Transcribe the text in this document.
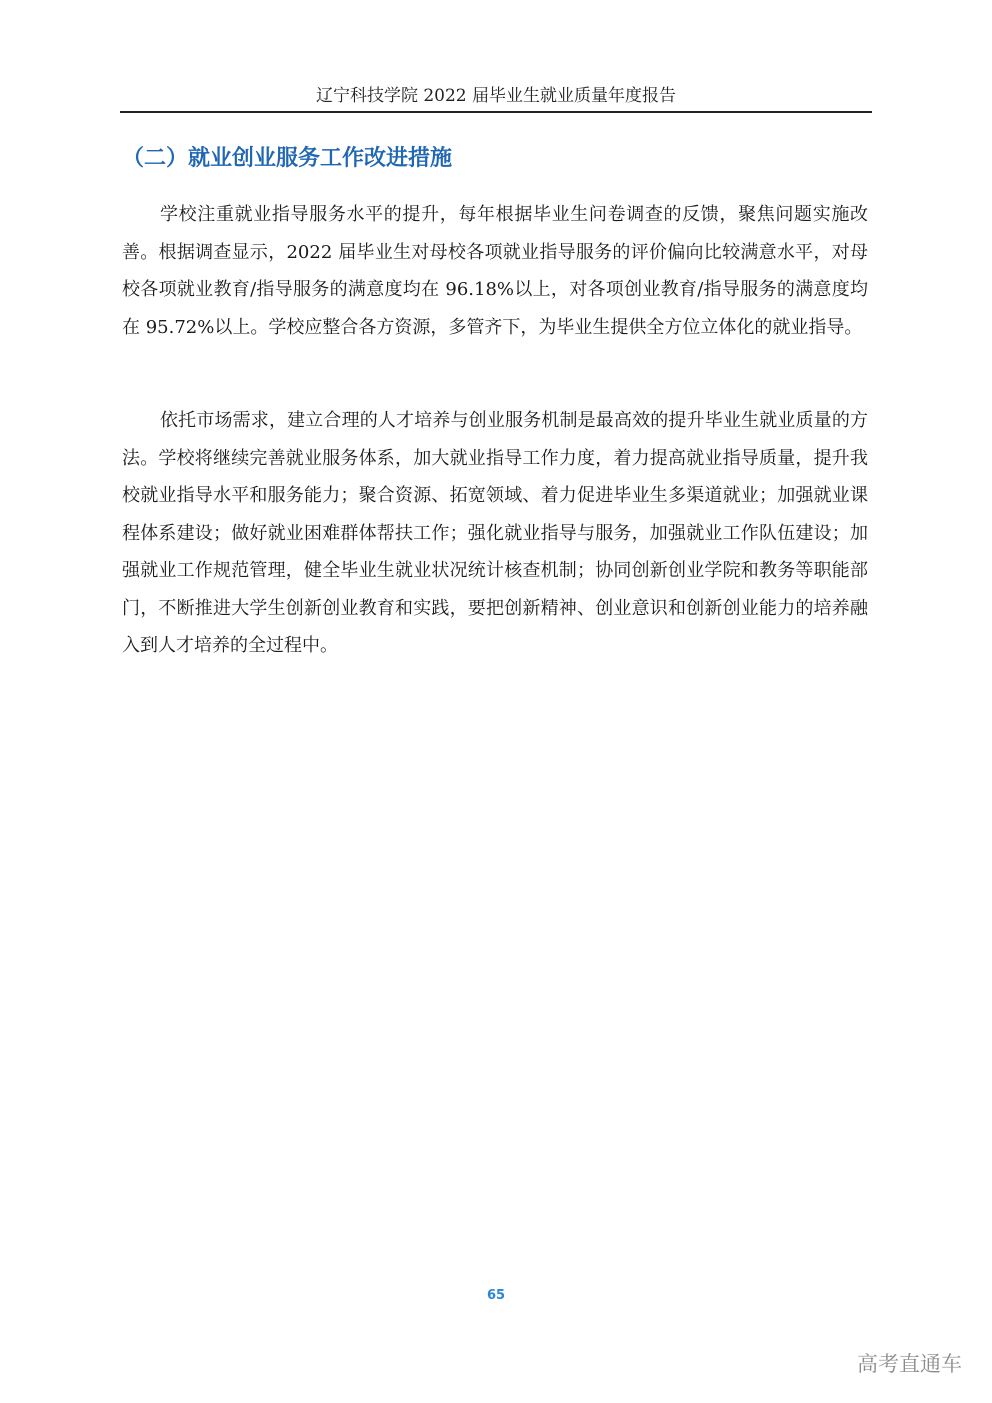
辽宁科技学院 2022 届毕业生就业质量年度报告
（二）就业创业服务工作改进措施

学校注重就业指导服务水平的提升，每年根据毕业生问卷调查的反馈，聚焦问题实施改善。根据调查显示，2022 届毕业生对母校各项就业指导服务的评价偏向比较满意水平，对母校各项就业教育/指导服务的满意度均在 96.18%以上，对各项创业教育/指导服务的满意度均在 95.72%以上。学校应整合各方资源，多管齐下，为毕业生提供全方位立体化的就业指导。

依托市场需求，建立合理的人才培养与创业服务机制是最高效的提升毕业生就业质量的方法。学校将继续完善就业服务体系，加大就业指导工作力度，着力提高就业指导质量，提升我校就业指导水平和服务能力；聚合资源、拓宽领域、着力促进毕业生多渠道就业；加强就业课程体系建设；做好就业困难群体帮扶工作；强化就业指导与服务，加强就业工作队伍建设；加强就业工作规范管理，健全毕业生就业状况统计核查机制；协同创新创业学院和教务等职能部门，不断推进大学生创新创业教育和实践，要把创新精神、创业意识和创新创业能力的培养融入到人才培养的全过程中。

65
高考直通车
